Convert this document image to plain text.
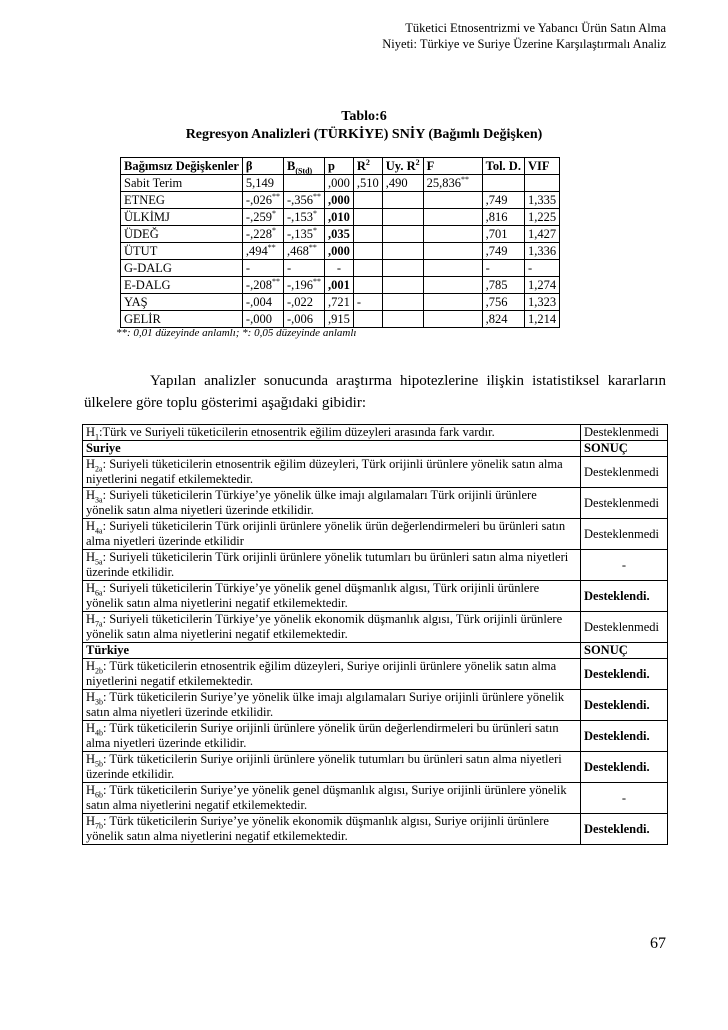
Tüketici Etnosentrizmi ve Yabancı Ürün Satın Alma
Niyeti: Türkiye ve Suriye Üzerine Karşılaştırmalı Analiz
Tablo:6
Regresyon Analizleri (TÜRKİYE) SNİY (Bağımlı Değişken)
Bağımsız Değişkenler	β	$B_{(Std)}$	p	$R^2$	Uy. $R^2$	F	Tol. D.	VIF
Sabit Terim	5,149		,000	,510	,490	25,836**		
ETNEG	-,026**	-,356**	,000				,749	1,335
ÜLKİMJ	-,259*	-,153*	,010				,816	1,225
ÜDEĞ	-,228*	-,135*	,035				,701	1,427
ÜTUT	,494**	,468**	,000				,749	1,336
G-DALG	-	-	-				-	-
E-DALG	-,208**	-,196**	,001				,785	1,274
YAŞ	-,004	-,022	,721	-			,756	1,323
GELİR	-,000	-,006	,915				,824	1,214
**: 0,01 düzeyinde anlamlı; *: 0,05 düzeyinde anlamlı
Yapılan analizler sonucunda araştırma hipotezlerine ilişkin istatistiksel kararların ülkelere göre toplu gösterimi aşağıdaki gibidir:
$H_1:Türk$ ve Suriyeli tüketicilerin etnosentrik eğilim düzeyleri arasında fark vardır.	Desteklenmedi
Suriye	SONUÇ
$H_{2a}$: Suriyeli tüketicilerin etnosentrik eğilim düzeyleri, Türk orijinli ürünlere yönelik satın alma niyetlerini negatif etkilemektedir.	Desteklenmedi
$H_{3a}$: Suriyeli tüketicilerin Türkiye’ye yönelik ülke imajı algılamaları Türk orijinli ürünlere yönelik satın alma niyetleri üzerinde etkilidir.	Desteklenmedi
$H_{4a}$: Suriyeli tüketicilerin Türk orijinli ürünlere yönelik ürün değerlendirmeleri bu ürünleri satın alma niyetleri üzerinde etkilidir	Desteklenmedi
$H_{5a}$: Suriyeli tüketicilerin Türk orijinli ürünlere yönelik tutumları bu ürünleri satın alma niyetleri üzerinde etkilidir.	-
$H_{6a}$: Suriyeli tüketicilerin Türkiye’ye yönelik genel düşmanlık algısı, Türk orijinli ürünlere yönelik satın alma niyetlerini negatif etkilemektedir.	Desteklendi.
$H_{7a}$: Suriyeli tüketicilerin Türkiye’ye yönelik ekonomik düşmanlık algısı, Türk orijinli ürünlere yönelik satın alma niyetlerini negatif etkilemektedir.	Desteklenmedi
Türkiye	SONUÇ
$H_{2b}$: Türk tüketicilerin etnosentrik eğilim düzeyleri, Suriye orijinli ürünlere yönelik satın alma niyetlerini negatif etkilemektedir.	Desteklendi.
$H_{3b}$: Türk tüketicilerin Suriye’ye yönelik ülke imajı algılamaları Suriye orijinli ürünlere yönelik satın alma niyetleri üzerinde etkilidir.	Desteklendi.
$H_{4b}$: Türk tüketicilerin Suriye orijinli ürünlere yönelik ürün değerlendirmeleri bu ürünleri satın alma niyetleri üzerinde etkilidir.	Desteklendi.
$H_{5b}$: Türk tüketicilerin Suriye orijinli ürünlere yönelik tutumları bu ürünleri satın alma niyetleri üzerinde etkilidir.	Desteklendi.
$H_{6b}$: Türk tüketicilerin Suriye’ye yönelik genel düşmanlık algısı, Suriye orijinli ürünlere yönelik satın alma niyetlerini negatif etkilemektedir.	-
$H_{7b}$: Türk tüketicilerin Suriye’ye yönelik ekonomik düşmanlık algısı, Suriye orijinli ürünlere yönelik satın alma niyetlerini negatif etkilemektedir.	Desteklendi.
67
